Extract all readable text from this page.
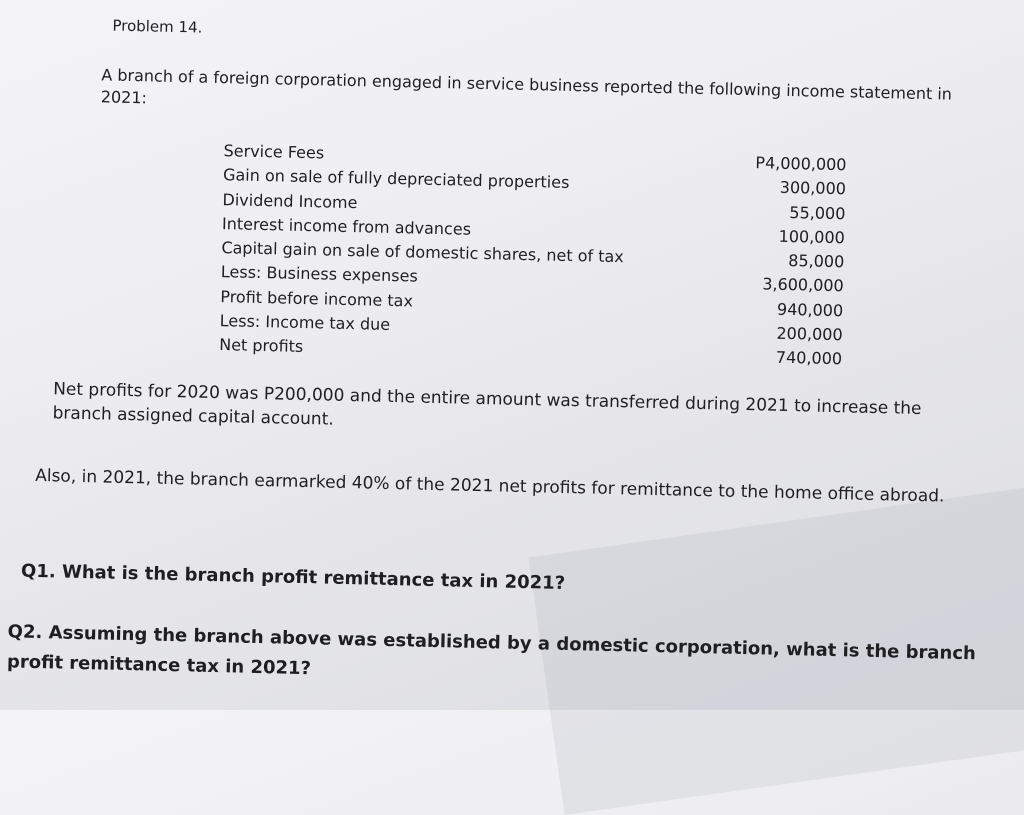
Problem 14.
A branch of a foreign corporation engaged in service business reported the following income statement in 2021:
Service Fees
Gain on sale of fully depreciated properties
Dividend Income
Interest income from advances
Capital gain on sale of domestic shares, net of tax
Less: Business expenses
Profit before income tax
Less: Income tax due
Net profits
P4,000,000
300,000
55,000
100,000
85,000
3,600,000
940,000
200,000
740,000
Net profits for 2020 was P200,000 and the entire amount was transferred during 2021 to increase the branch assigned capital account.
Also, in 2021, the branch earmarked 40% of the 2021 net profits for remittance to the home office abroad.
Q1. What is the branch profit remittance tax in 2021?
Q2. Assuming the branch above was established by a domestic corporation, what is the branch profit remittance tax in 2021?
